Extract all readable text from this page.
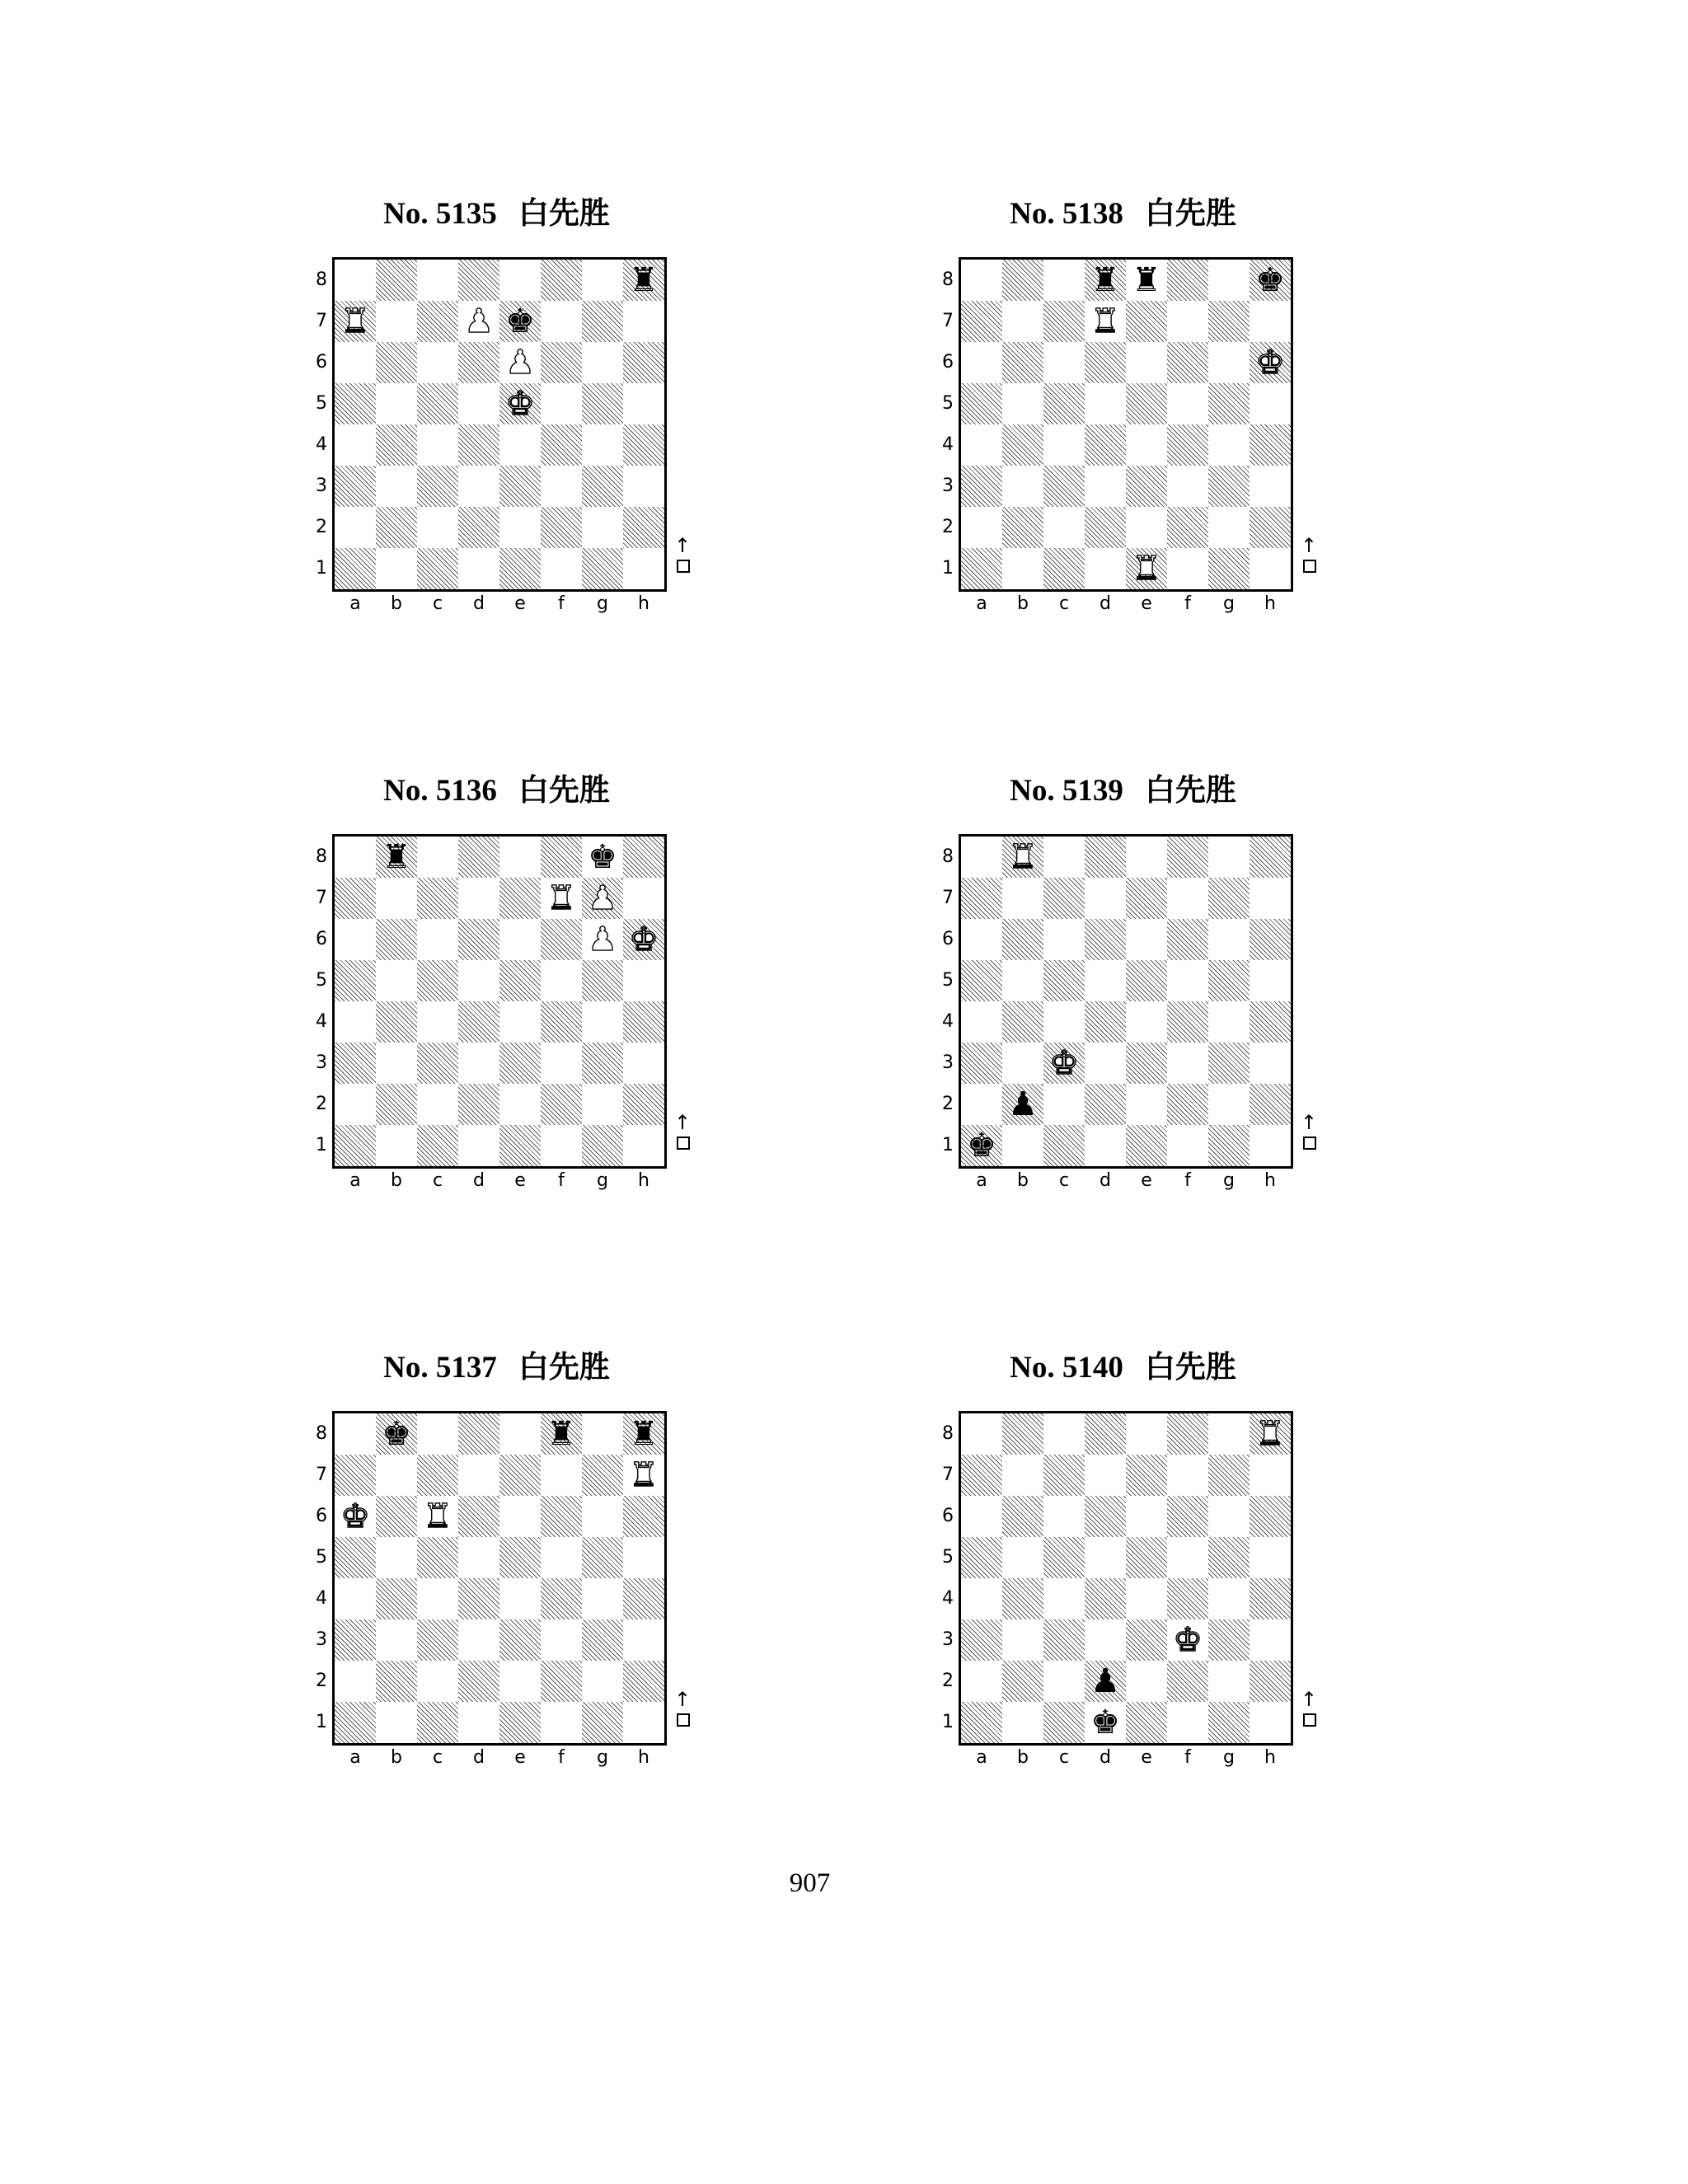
No. 5135 白先胜
♜
♜	♟ ♚
♟
♚
8
7
6
5
4
3
2
1
a	b	c	d	e	f	g	h
↑
No. 5138 白先胜
♜ ♜	♚
♜
♚
♜
8
7
6
5
4
3
2
1
a	b	c	d	e	f	g	h
↑
No. 5136 白先胜
♜	♚
♜ ♟
♟ ♚
8
7
6
5
4
3
2
1
a	b	c	d	e	f	g	h
↑
No. 5139 白先胜
♜
♚
♟
♚
8
7
6
5
4
3
2
1
a	b	c	d	e	f	g	h
↑
No. 5137 白先胜
♚	♜ ♜
♜
♚ ♜
8
7
6
5
4
3
2
1
a	b	c	d	e	f	g	h
↑
No. 5140 白先胜
♜
♚
♟
♚
8
7
6
5
4
3
2
1
a	b	c	d	e	f	g	h
↑
907
